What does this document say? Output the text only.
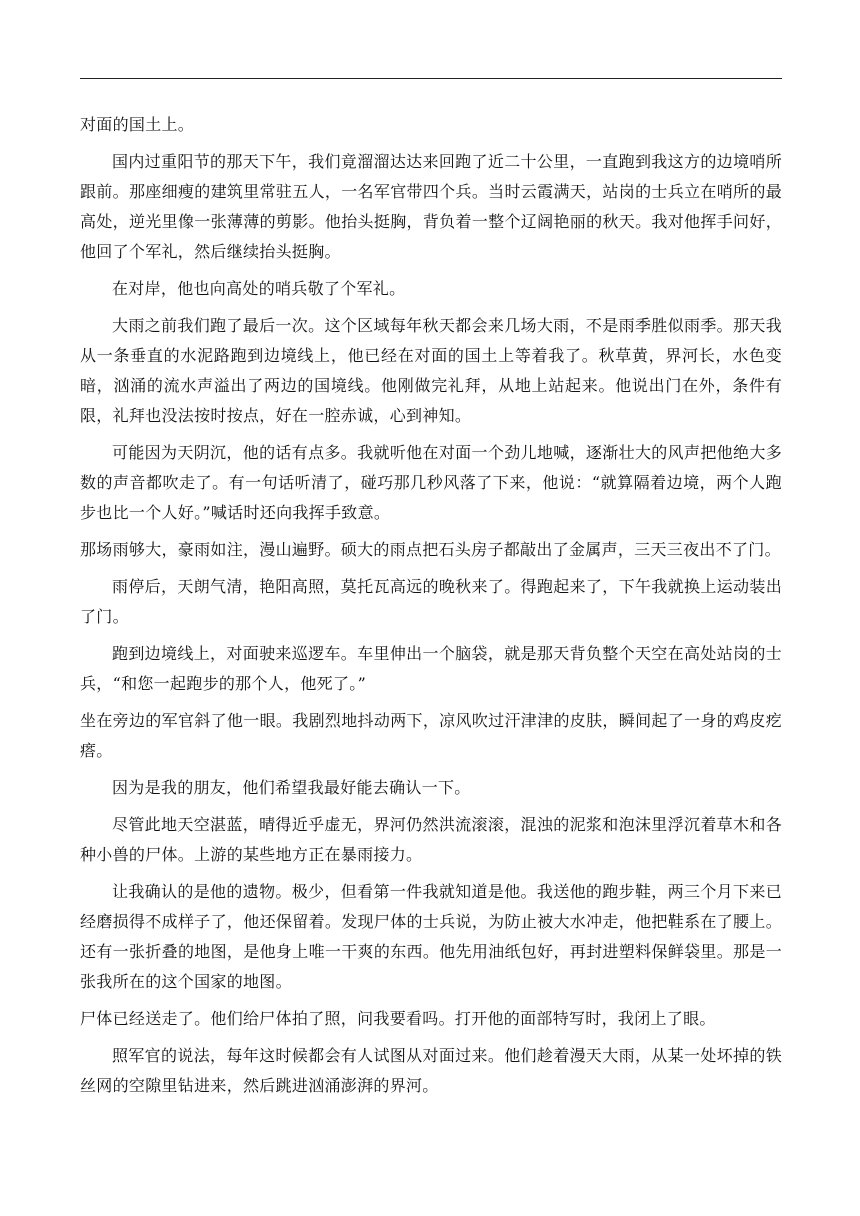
对面的国土上。

国内过重阳节的那天下午，我们竟溜溜达达来回跑了近二十公里，一直跑到我这方的边境哨所跟前。那座细瘦的建筑里常驻五人，一名军官带四个兵。当时云霞满天，站岗的士兵立在哨所的最高处，逆光里像一张薄薄的剪影。他抬头挺胸，背负着一整个辽阔艳丽的秋天。我对他挥手问好，他回了个军礼，然后继续抬头挺胸。

在对岸，他也向高处的哨兵敬了个军礼。

大雨之前我们跑了最后一次。这个区域每年秋天都会来几场大雨，不是雨季胜似雨季。那天我从一条垂直的水泥路跑到边境线上，他已经在对面的国土上等着我了。秋草黄，界河长，水色变暗，汹涌的流水声溢出了两边的国境线。他刚做完礼拜，从地上站起来。他说出门在外，条件有限，礼拜也没法按时按点，好在一腔赤诚，心到神知。

可能因为天阴沉，他的话有点多。我就听他在对面一个劲儿地喊，逐渐壮大的风声把他绝大多数的声音都吹走了。有一句话听清了，碰巧那几秒风落了下来，他说：“就算隔着边境，两个人跑步也比一个人好。”喊话时还向我挥手致意。

那场雨够大，豪雨如注，漫山遍野。硕大的雨点把石头房子都敲出了金属声，三天三夜出不了门。

雨停后，天朗气清，艳阳高照，莫托瓦高远的晚秋来了。得跑起来了，下午我就换上运动装出了门。

跑到边境线上，对面驶来巡逻车。车里伸出一个脑袋，就是那天背负整个天空在高处站岗的士兵，“和您一起跑步的那个人，他死了。”

坐在旁边的军官斜了他一眼。我剧烈地抖动两下，凉风吹过汗津津的皮肤，瞬间起了一身的鸡皮疙瘩。

因为是我的朋友，他们希望我最好能去确认一下。

尽管此地天空湛蓝，晴得近乎虚无，界河仍然洪流滚滚，混浊的泥浆和泡沫里浮沉着草木和各种小兽的尸体。上游的某些地方正在暴雨接力。

让我确认的是他的遗物。极少，但看第一件我就知道是他。我送他的跑步鞋，两三个月下来已经磨损得不成样子了，他还保留着。发现尸体的士兵说，为防止被大水冲走，他把鞋系在了腰上。还有一张折叠的地图，是他身上唯一干爽的东西。他先用油纸包好，再封进塑料保鲜袋里。那是一张我所在的这个国家的地图。

尸体已经送走了。他们给尸体拍了照，问我要看吗。打开他的面部特写时，我闭上了眼。

照军官的说法，每年这时候都会有人试图从对面过来。他们趁着漫天大雨，从某一处坏掉的铁丝网的空隙里钻进来，然后跳进汹涌澎湃的界河。
